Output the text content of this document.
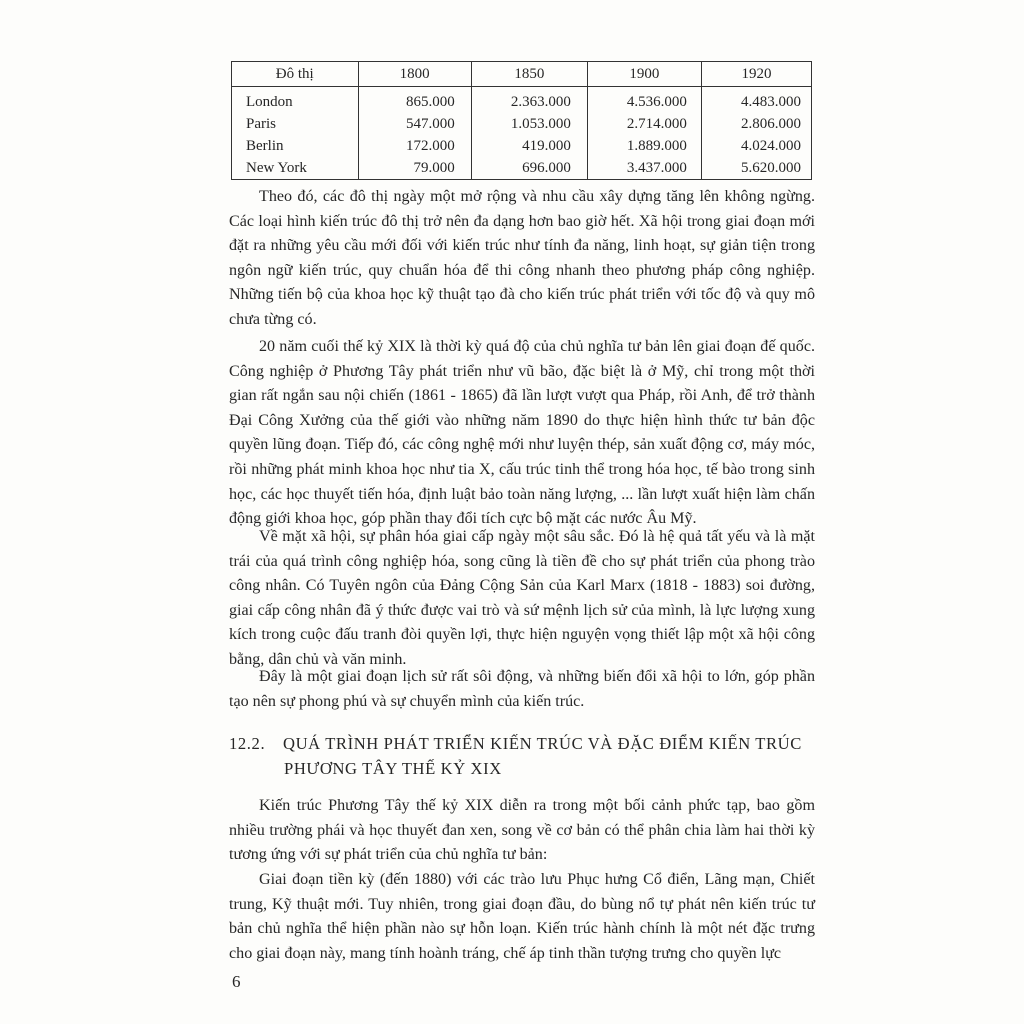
Đô thị	1800	1850	1900	1920
London	865.000	2.363.000	4.536.000	4.483.000
Paris	547.000	1.053.000	2.714.000	2.806.000
Berlin	172.000	419.000	1.889.000	4.024.000
New York	79.000	696.000	3.437.000	5.620.000

Theo đó, các đô thị ngày một mở rộng và nhu cầu xây dựng tăng lên không ngừng. Các loại hình kiến trúc đô thị trở nên đa dạng hơn bao giờ hết. Xã hội trong giai đoạn mới đặt ra những yêu cầu mới đối với kiến trúc như tính đa năng, linh hoạt, sự giản tiện trong ngôn ngữ kiến trúc, quy chuẩn hóa để thi công nhanh theo phương pháp công nghiệp. Những tiến bộ của khoa học kỹ thuật tạo đà cho kiến trúc phát triển với tốc độ và quy mô chưa từng có.

20 năm cuối thế kỷ XIX là thời kỳ quá độ của chủ nghĩa tư bản lên giai đoạn đế quốc. Công nghiệp ở Phương Tây phát triển như vũ bão, đặc biệt là ở Mỹ, chỉ trong một thời gian rất ngắn sau nội chiến (1861 - 1865) đã lần lượt vượt qua Pháp, rồi Anh, để trở thành Đại Công Xưởng của thế giới vào những năm 1890 do thực hiện hình thức tư bản độc quyền lũng đoạn. Tiếp đó, các công nghệ mới như luyện thép, sản xuất động cơ, máy móc, rồi những phát minh khoa học như tia X, cấu trúc tinh thể trong hóa học, tế bào trong sinh học, các học thuyết tiến hóa, định luật bảo toàn năng lượng, ... lần lượt xuất hiện làm chấn động giới khoa học, góp phần thay đổi tích cực bộ mặt các nước Âu Mỹ.

Về mặt xã hội, sự phân hóa giai cấp ngày một sâu sắc. Đó là hệ quả tất yếu và là mặt trái của quá trình công nghiệp hóa, song cũng là tiền đề cho sự phát triển của phong trào công nhân. Có Tuyên ngôn của Đảng Cộng Sản của Karl Marx (1818 - 1883) soi đường, giai cấp công nhân đã ý thức được vai trò và sứ mệnh lịch sử của mình, là lực lượng xung kích trong cuộc đấu tranh đòi quyền lợi, thực hiện nguyện vọng thiết lập một xã hội công bằng, dân chủ và văn minh.

Đây là một giai đoạn lịch sử rất sôi động, và những biến đổi xã hội to lớn, góp phần tạo nên sự phong phú và sự chuyển mình của kiến trúc.

12.2. QUÁ TRÌNH PHÁT TRIỂN KIẾN TRÚC VÀ ĐẶC ĐIỂM KIẾN TRÚC
PHƯƠNG TÂY THẾ KỶ XIX

Kiến trúc Phương Tây thế kỷ XIX diễn ra trong một bối cảnh phức tạp, bao gồm nhiều trường phái và học thuyết đan xen, song về cơ bản có thể phân chia làm hai thời kỳ tương ứng với sự phát triển của chủ nghĩa tư bản:

Giai đoạn tiền kỳ (đến 1880) với các trào lưu Phục hưng Cổ điển, Lãng mạn, Chiết trung, Kỹ thuật mới. Tuy nhiên, trong giai đoạn đầu, do bùng nổ tự phát nên kiến trúc tư bản chủ nghĩa thể hiện phần nào sự hỗn loạn. Kiến trúc hành chính là một nét đặc trưng cho giai đoạn này, mang tính hoành tráng, chế áp tinh thần tượng trưng cho quyền lực

6
